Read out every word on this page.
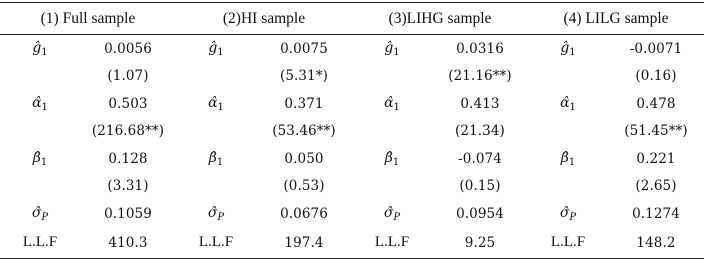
(1) Full sample		(2)HI sample		(3)LIHG sample		(4) LILG sample	
$ĝ_1$	0.0056	$ĝ_1$	0.0075	$ĝ_1$	0.0316	$ĝ_1$	-0.0071
	(1.07)		(5.31*)		(21.16**)		(0.16)
$\alphâ_1$	0.503	$\alphâ_1$	0.371	$\alphâ_1$	0.413	$\alphâ_1$	0.478
	(216.68**)		(53.46**)		(21.34)		(51.45**)
$\betâ_1$	0.128	$\betâ_1$	0.050	$\betâ_1$	-0.074	$\betâ_1$	0.221
	(3.31)		(0.53)		(0.15)		(2.65)
$\sigmâ_P$	0.1059	$\sigmâ_P$	0.0676	$\sigmâ_P$	0.0954	$\sigmâ_P$	0.1274
L.L.F	410.3	L.L.F	197.4	L.L.F	9.25	L.L.F	148.2
